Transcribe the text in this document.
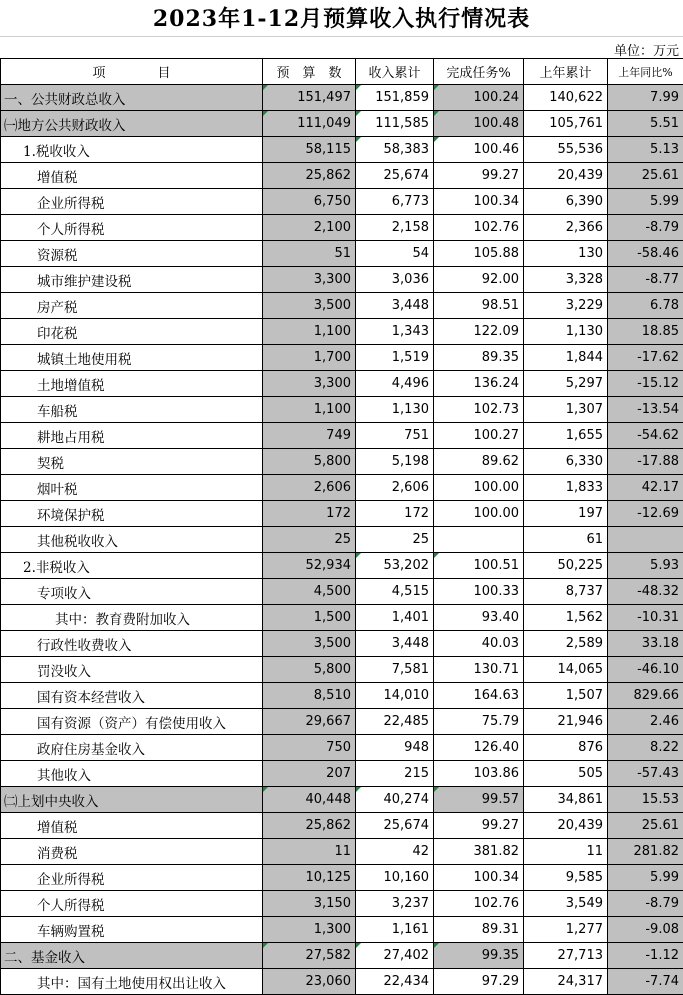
2023年1-12月预算收入执行情况表
单位：万元
项　　　　目	预　算　数	收入累计	完成任务%	上年累计	上年同比%
一、公共财政总收入	151,497	151,859	100.24	140,622	7.99
㈠地方公共财政收入	111,049	111,585	100.48	105,761	5.51
1.税收收入	58,115	58,383	100.46	55,536	5.13
增值税	25,862	25,674	99.27	20,439	25.61
企业所得税	6,750	6,773	100.34	6,390	5.99
个人所得税	2,100	2,158	102.76	2,366	-8.79
资源税	51	54	105.88	130	-58.46
城市维护建设税	3,300	3,036	92.00	3,328	-8.77
房产税	3,500	3,448	98.51	3,229	6.78
印花税	1,100	1,343	122.09	1,130	18.85
城镇土地使用税	1,700	1,519	89.35	1,844	-17.62
土地增值税	3,300	4,496	136.24	5,297	-15.12
车船税	1,100	1,130	102.73	1,307	-13.54
耕地占用税	749	751	100.27	1,655	-54.62
契税	5,800	5,198	89.62	6,330	-17.88
烟叶税	2,606	2,606	100.00	1,833	42.17
环境保护税	172	172	100.00	197	-12.69
其他税收收入	25	25		61	
2.非税收入	52,934	53,202	100.51	50,225	5.93
专项收入	4,500	4,515	100.33	8,737	-48.32
其中：教育费附加收入	1,500	1,401	93.40	1,562	-10.31
行政性收费收入	3,500	3,448	40.03	2,589	33.18
罚没收入	5,800	7,581	130.71	14,065	-46.10
国有资本经营收入	8,510	14,010	164.63	1,507	829.66
国有资源（资产）有偿使用收入	29,667	22,485	75.79	21,946	2.46
政府住房基金收入	750	948	126.40	876	8.22
其他收入	207	215	103.86	505	-57.43
㈡上划中央收入	40,448	40,274	99.57	34,861	15.53
增值税	25,862	25,674	99.27	20,439	25.61
消费税	11	42	381.82	11	281.82
企业所得税	10,125	10,160	100.34	9,585	5.99
个人所得税	3,150	3,237	102.76	3,549	-8.79
车辆购置税	1,300	1,161	89.31	1,277	-9.08
二、基金收入	27,582	27,402	99.35	27,713	-1.12
其中：国有土地使用权出让收入	23,060	22,434	97.29	24,317	-7.74
